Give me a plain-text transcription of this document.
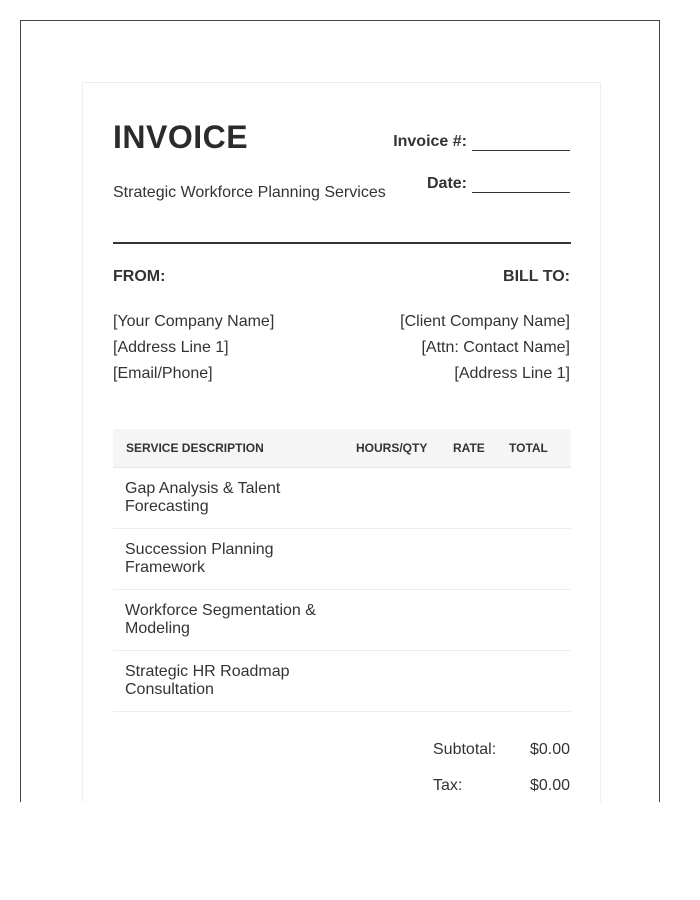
INVOICE
Strategic Workforce Planning Services
Invoice #:
Date:
FROM:	BILL TO:
[Your Company Name]
[Address Line 1]
[Email/Phone]
[Client Company Name]
[Attn: Contact Name]
[Address Line 1]
SERVICE DESCRIPTION	HOURS/QTY	RATE	TOTAL
Gap Analysis & Talent Forecasting			
Succession Planning Framework			
Workforce Segmentation & Modeling			
Strategic HR Roadmap Consultation			
Subtotal:	$0.00
Tax:	$0.00
